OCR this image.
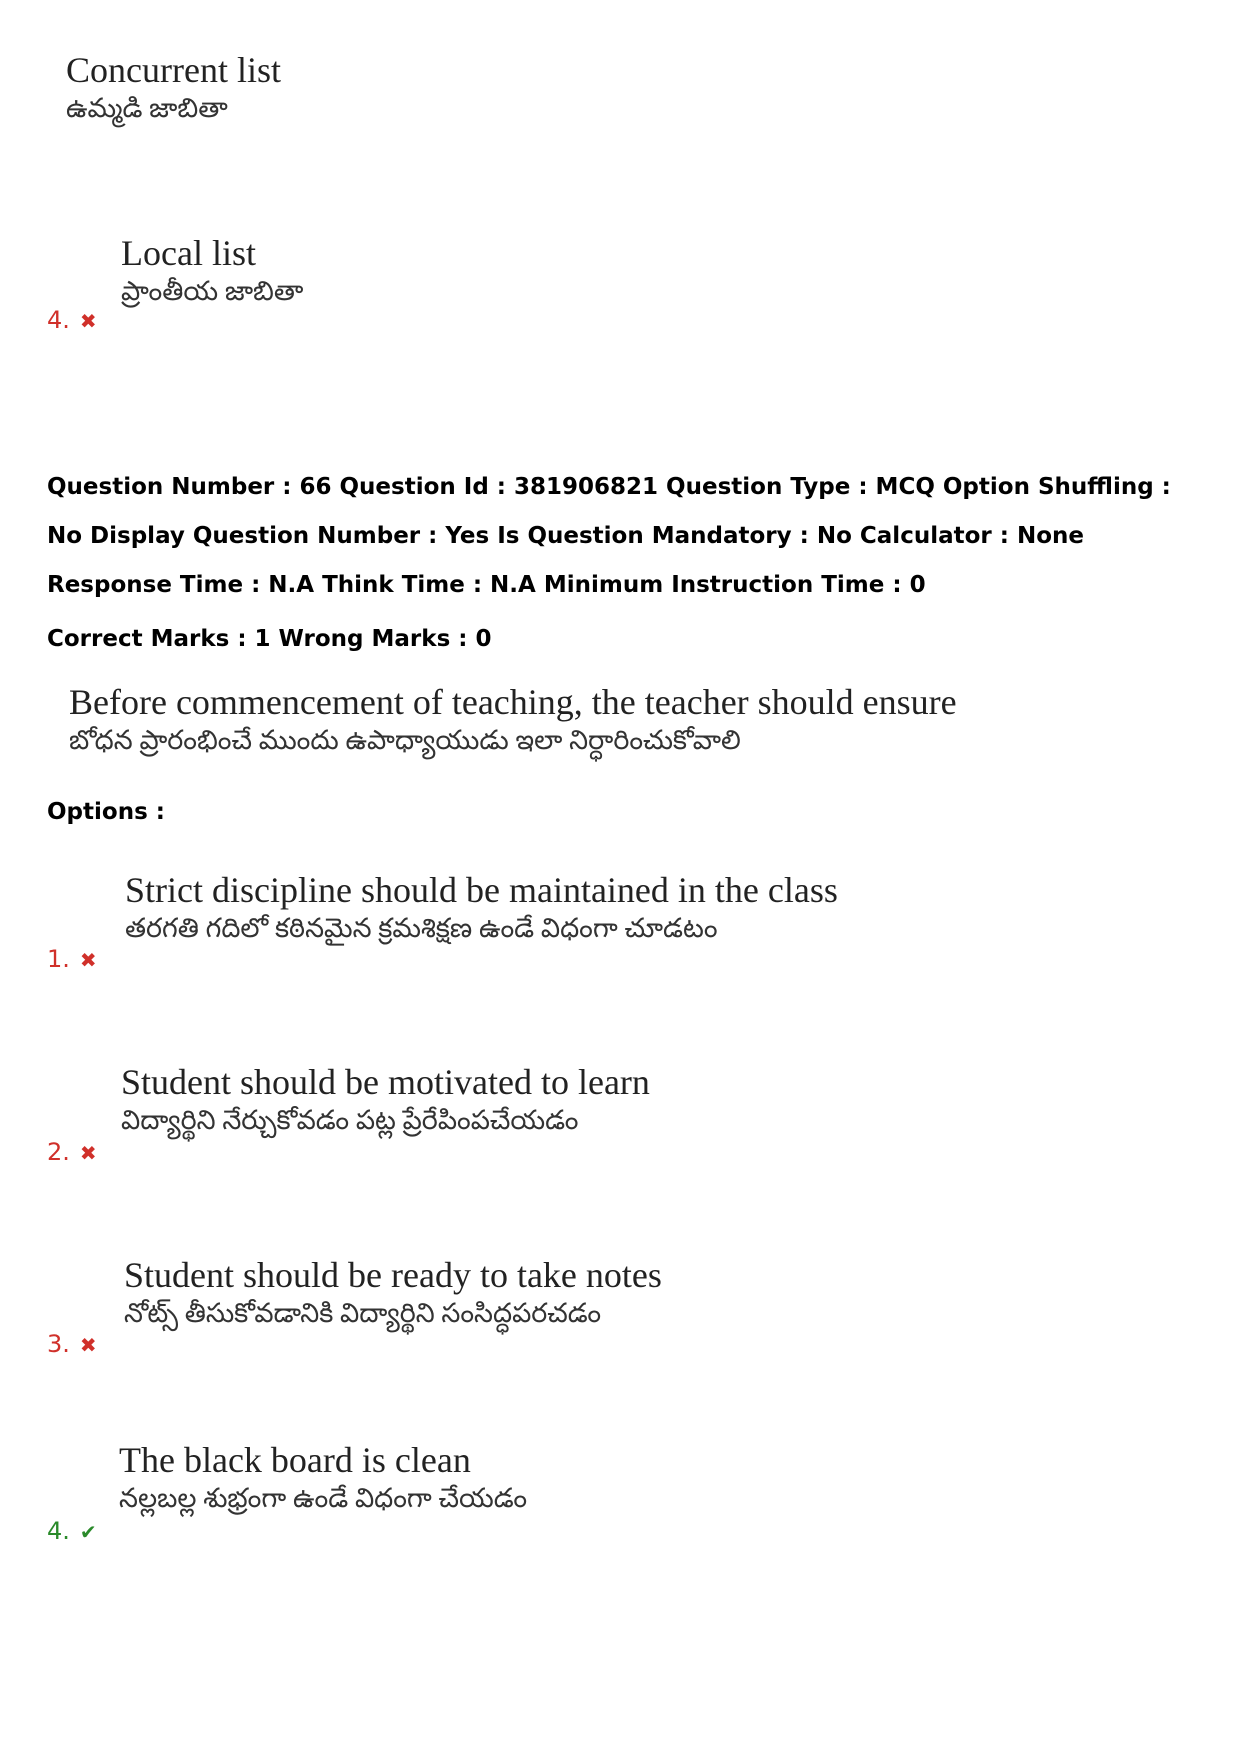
Concurrent list
ఉమ్మడి జాబితా
4. ✖
Local list
ప్రాంతీయ జాబితా
Question Number : 66 Question Id : 381906821 Question Type : MCQ Option Shuffling : No Display Question Number : Yes Is Question Mandatory : No Calculator : None Response Time : N.A Think Time : N.A Minimum Instruction Time : 0
Correct Marks : 1 Wrong Marks : 0
Before commencement of teaching, the teacher should ensure
బోధన ప్రారంభించే ముందు ఉపాధ్యాయుడు ఇలా నిర్ధారించుకోవాలి
Options :
1. ✖
Strict discipline should be maintained in the class
తరగతి గదిలో కఠినమైన క్రమశిక్షణ ఉండే విధంగా చూడటం
2. ✖
Student should be motivated to learn
విద్యార్థిని నేర్చుకోవడం పట్ల ప్రేరేపింపచేయడం
3. ✖
Student should be ready to take notes
నోట్స్ తీసుకోవడానికి విద్యార్థిని సంసిద్ధపరచడం
4. ✔
The black board is clean
నల్లబల్ల శుభ్రంగా ఉండే విధంగా చేయడం
